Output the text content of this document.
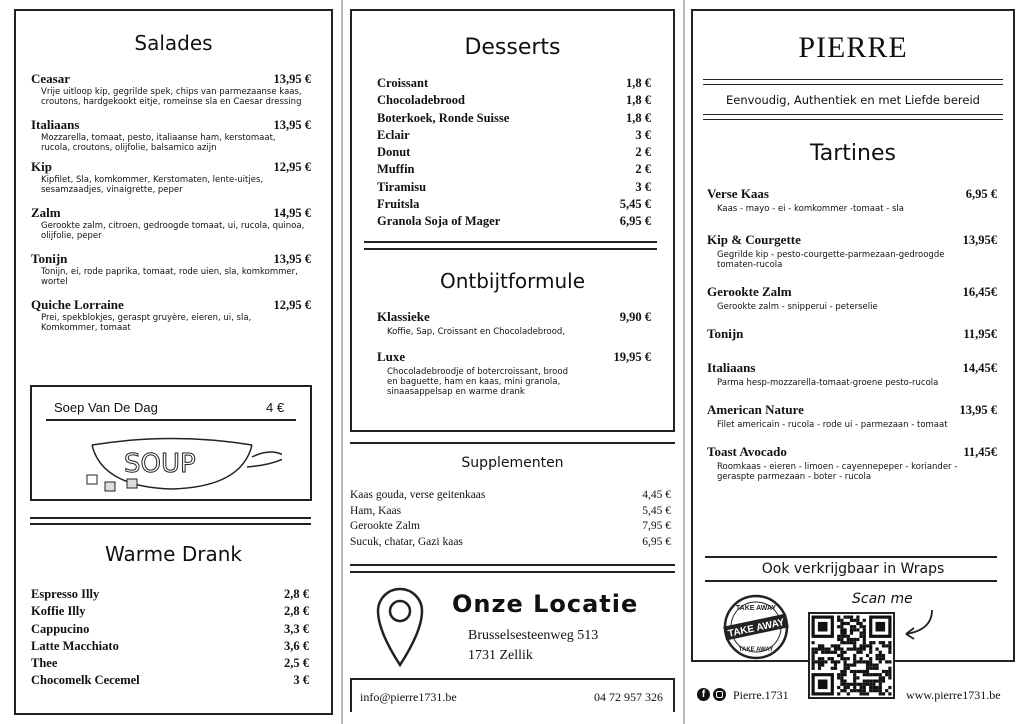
Salades
Ceasar	13,95 €
Vrije uitloop kip, gegrilde spek, chips van parmezaanse kaas, croutons, hardgekookt eitje, romeinse sla en Caesar dressing
Italiaans	13,95 €
Mozzarella, tomaat, pesto, italiaanse ham, kerstomaat, rucola, croutons, olijfolie, balsamico azijn
Kip	12,95 €
Kipfilet, Sla, komkommer, Kerstomaten, lente-uitjes, sesamzaadjes, vinaigrette, peper
Zalm	14,95 €
Gerookte zalm, citroen, gedroogde tomaat, ui, rucola, quinoa, olijfolie, peper
Tonijn	13,95 €
Tonijn, ei, rode paprika, tomaat, rode uien, sla, komkommer, wortel
Quiche Lorraine	12,95 €
Prei, spekblokjes, geraspt gruyère, eieren, ui, sla, Komkommer, tomaat
Soep Van De Dag	4 €
SOUP
Warme Drank
Espresso Illy	2,8 €
Koffie Illy	2,8 €
Cappucino	3,3 €
Latte Macchiato	3,6 €
Thee	2,5 €
Chocomelk Cecemel	3 €
Desserts
Croissant	1,8 €
Chocoladebrood	1,8 €
Boterkoek, Ronde Suisse	1,8 €
Eclair	3 €
Donut	2 €
Muffin	2 €
Tiramisu	3 €
Fruitsla	5,45 €
Granola Soja of Mager	6,95 €
Ontbijtformule
Klassieke	9,90 €
Koffie, Sap, Croissant en Chocoladebrood,
Luxe	19,95 €
Chocoladebroodje of botercroissant, brood en baguette, ham en kaas, mini granola, sinaasappelsap en warme drank
Supplementen
Kaas gouda, verse geitenkaas	4,45 €
Ham, Kaas	5,45 €
Gerookte Zalm	7,95 €
Sucuk, chatar, Gazi kaas	6,95 €
Onze Locatie
Brusselsesteenweg 513
1731 Zellik
info@pierre1731.be	04 72 957 326
PIERRE
Eenvoudig, Authentiek en met Liefde bereid
Tartines
Verse Kaas	6,95 €
Kaas - mayo - ei - komkommer -tomaat - sla
Kip & Courgette	13,95€
Gegrilde kip - pesto-courgette-parmezaan-gedroogde tomaten-rucola
Gerookte Zalm	16,45€
Gerookte zalm - snipperui - peterselie
Tonijn	11,95€
Italiaans	14,45€
Parma hesp-mozzarella-tomaat-groene pesto-rucola
American Nature	13,95 €
Filet americain - rucola - rode ui - parmezaan - tomaat
Toast Avocado	11,45€
Roomkaas - eieren - limoen - cayennepeper - koriander - geraspte parmezaan - boter - rucola
Ook verkrijgbaar in Wraps
TAKE AWAY
TAKE AWAY
TAKE AWAY
Scan me
f	Pierre.1731	www.pierre1731.be
